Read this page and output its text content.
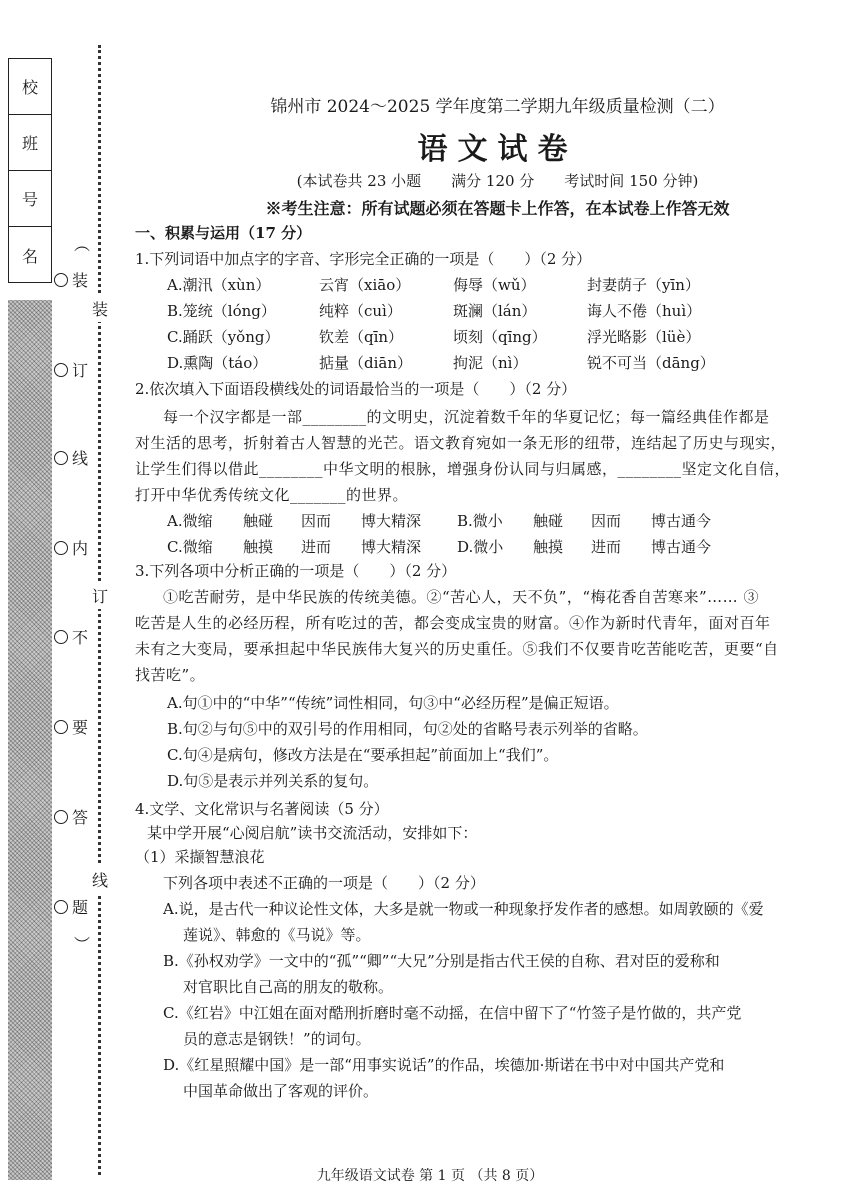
校
班
号
名
︵
︶
装
订
线
内
不
要
答
题
装
订
线
锦州市 2024～2025 学年度第二学期九年级质量检测（二）
语文试卷
(本试卷共 23 小题　　满分 120 分　　考试时间 150 分钟)
※考生注意：所有试题必须在答题卡上作答，在本试卷上作答无效
一、积累与运用（17 分）
1.下列词语中加点字的字音、字形完全正确的一项是（　　）（2 分）
A.潮汛（xùn）	云宵（xiāo）	侮辱（wǔ）	封妻荫子（yīn）
B.笼统（lóng）	纯粹（cuì）	斑澜（lán）	诲人不倦（huì）
C.踊跃（yǒng）	钦差（qīn）	顷刻（qīng）	浮光略影（lüè）
D.熏陶（táo）	掂量（diān）	拘泥（nì）	锐不可当（dāng）
2.依次填入下面语段横线处的词语最恰当的一项是（　　）（2 分）
每一个汉字都是一部________的文明史，沉淀着数千年的华夏记忆；每一篇经典佳作都是
对生活的思考，折射着古人智慧的光芒。语文教育宛如一条无形的纽带，连结起了历史与现实，
让学生们得以借此________中华文明的根脉，增强身份认同与归属感，________坚定文化自信，
打开中华优秀传统文化_______的世界。
A.微缩 触碰 因而 博大精深 B.微小 触碰 因而 博古通今
C.微缩 触摸 进而 博大精深 D.微小 触摸 进而 博古通今
3.下列各项中分析正确的一项是（　　）（2 分）
①吃苦耐劳，是中华民族的传统美德。②“苦心人，天不负”，“梅花香自苦寒来”…… ③
吃苦是人生的必经历程，所有吃过的苦，都会变成宝贵的财富。④作为新时代青年，面对百年
未有之大变局，要承担起中华民族伟大复兴的历史重任。⑤我们不仅要肯吃苦能吃苦，更要“自
找苦吃”。
A.句①中的“中华”“传统”词性相同，句③中“必经历程”是偏正短语。
B.句②与句⑤中的双引号的作用相同，句②处的省略号表示列举的省略。
C.句④是病句，修改方法是在“要承担起”前面加上“我们”。
D.句⑤是表示并列关系的复句。
4.文学、文化常识与名著阅读（5 分）
某中学开展“心阅启航”读书交流活动，安排如下：
（1）采撷智慧浪花
下列各项中表述不正确的一项是（　　）（2 分）
A.说，是古代一种议论性文体，大多是就一物或一种现象抒发作者的感想。如周敦颐的《爱
莲说》、韩愈的《马说》等。
B.《孙权劝学》一文中的“孤”“卿”“大兄”分别是指古代王侯的自称、君对臣的爱称和
对官职比自己高的朋友的敬称。
C.《红岩》中江姐在面对酷刑折磨时毫不动摇，在信中留下了“竹签子是竹做的，共产党
员的意志是钢铁！”的词句。
D.《红星照耀中国》是一部“用事实说话”的作品，埃德加·斯诺在书中对中国共产党和
中国革命做出了客观的评价。
九年级语文试卷 第 1 页 （共 8 页）
